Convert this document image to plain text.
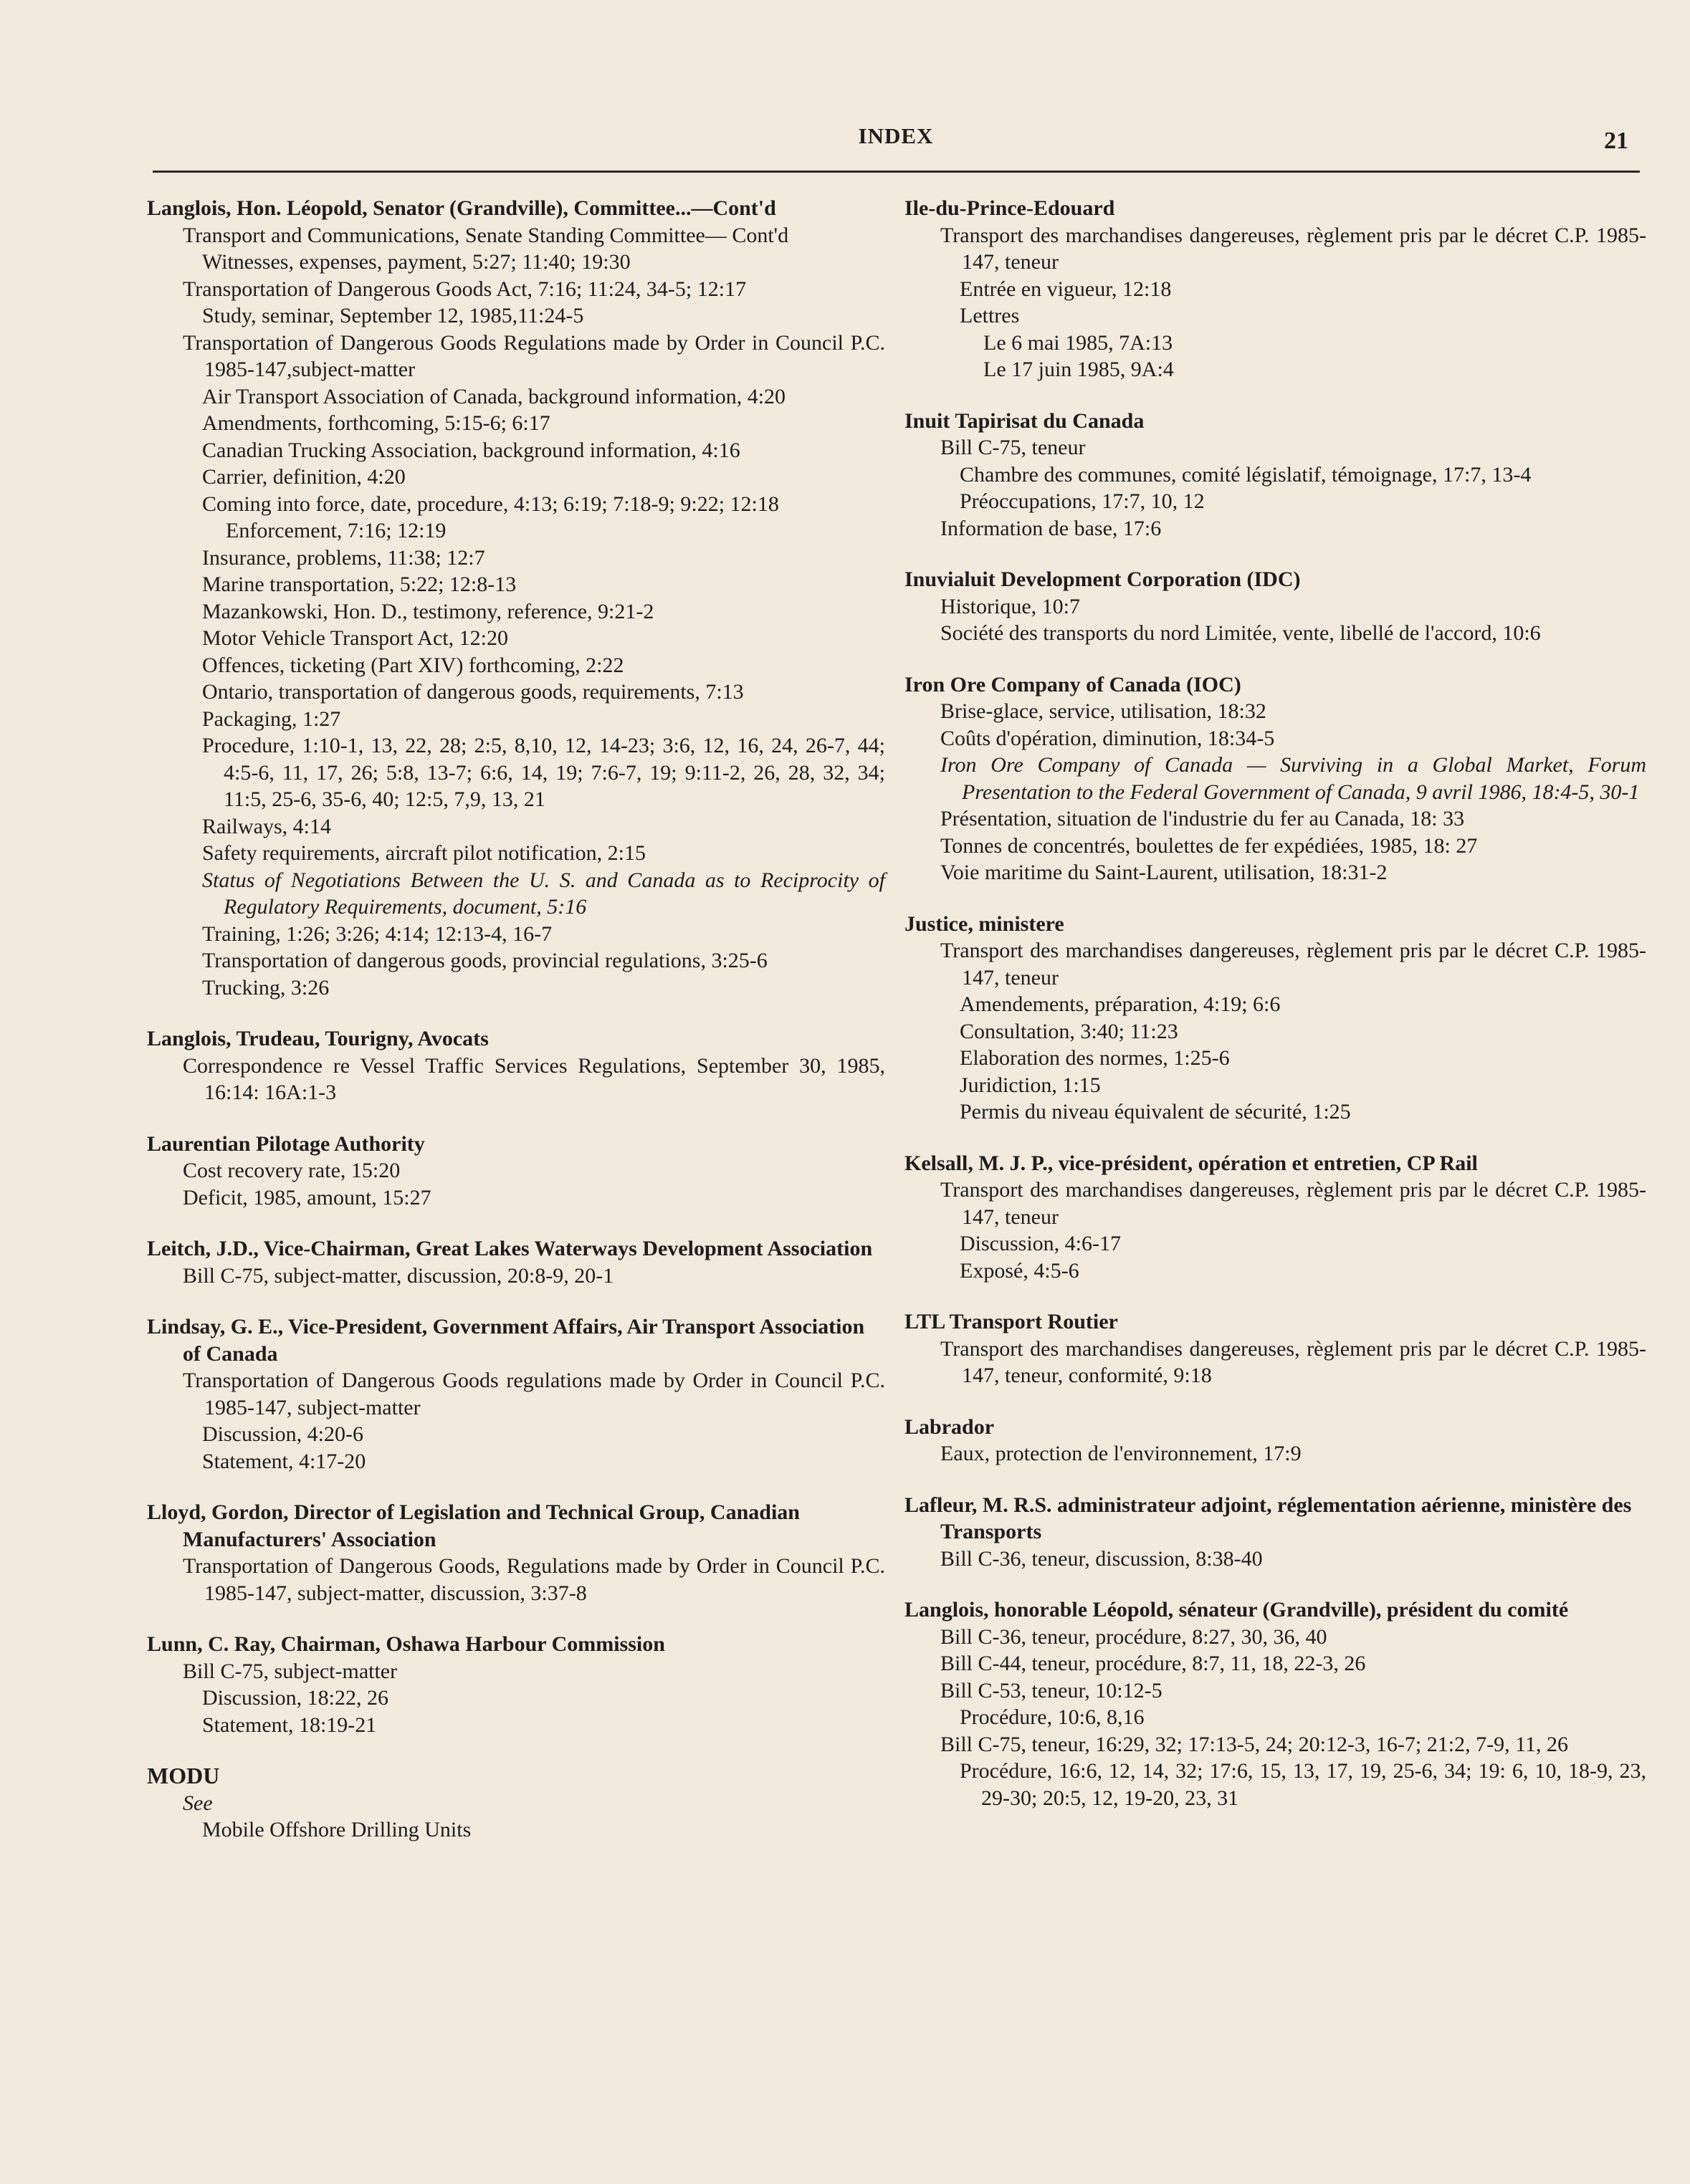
INDEX	21
Langlois, Hon. Léopold, Senator (Grandville), Committee...—Cont'd
Transport and Communications, Senate Standing Committee— Cont'd
Witnesses, expenses, payment, 5:27; 11:40; 19:30
Transportation of Dangerous Goods Act, 7:16; 11:24, 34-5; 12:17
Study, seminar, September 12, 1985,11:24-5
Transportation of Dangerous Goods Regulations made by Order in Council P.C. 1985-147,subject-matter
Air Transport Association of Canada, background information, 4:20
Amendments, forthcoming, 5:15-6; 6:17
Canadian Trucking Association, background information, 4:16
Carrier, definition, 4:20
Coming into force, date, procedure, 4:13; 6:19; 7:18-9; 9:22; 12:18
Enforcement, 7:16; 12:19
Insurance, problems, 11:38; 12:7
Marine transportation, 5:22; 12:8-13
Mazankowski, Hon. D., testimony, reference, 9:21-2
Motor Vehicle Transport Act, 12:20
Offences, ticketing (Part XIV) forthcoming, 2:22
Ontario, transportation of dangerous goods, requirements, 7:13
Packaging, 1:27
Procedure, 1:10-1, 13, 22, 28; 2:5, 8,10, 12, 14-23; 3:6, 12, 16, 24, 26-7, 44; 4:5-6, 11, 17, 26; 5:8, 13-7; 6:6, 14, 19; 7:6-7, 19; 9:11-2, 26, 28, 32, 34; 11:5, 25-6, 35-6, 40; 12:5, 7,9, 13, 21
Railways, 4:14
Safety requirements, aircraft pilot notification, 2:15
Status of Negotiations Between the U. S. and Canada as to Reciprocity of Regulatory Requirements, document, 5:16
Training, 1:26; 3:26; 4:14; 12:13-4, 16-7
Transportation of dangerous goods, provincial regulations, 3:25-6
Trucking, 3:26
Langlois, Trudeau, Tourigny, Avocats
Correspondence re Vessel Traffic Services Regulations, September 30, 1985, 16:14: 16A:1-3
Laurentian Pilotage Authority
Cost recovery rate, 15:20
Deficit, 1985, amount, 15:27
Leitch, J.D., Vice-Chairman, Great Lakes Waterways Development Association
Bill C-75, subject-matter, discussion, 20:8-9, 20-1
Lindsay, G. E., Vice-President, Government Affairs, Air Transport Association of Canada
Transportation of Dangerous Goods regulations made by Order in Council P.C. 1985-147, subject-matter
Discussion, 4:20-6
Statement, 4:17-20
Lloyd, Gordon, Director of Legislation and Technical Group, Canadian Manufacturers' Association
Transportation of Dangerous Goods, Regulations made by Order in Council P.C. 1985-147, subject-matter, discussion, 3:37-8
Lunn, C. Ray, Chairman, Oshawa Harbour Commission
Bill C-75, subject-matter
Discussion, 18:22, 26
Statement, 18:19-21
MODU
See
Mobile Offshore Drilling Units
Ile-du-Prince-Edouard
Transport des marchandises dangereuses, règlement pris par le décret C.P. 1985-147, teneur
Entrée en vigueur, 12:18
Lettres
Le 6 mai 1985, 7A:13
Le 17 juin 1985, 9A:4
Inuit Tapirisat du Canada
Bill C-75, teneur
Chambre des communes, comité législatif, témoignage, 17:7, 13-4
Préoccupations, 17:7, 10, 12
Information de base, 17:6
Inuvialuit Development Corporation (IDC)
Historique, 10:7
Société des transports du nord Limitée, vente, libellé de l'accord, 10:6
Iron Ore Company of Canada (IOC)
Brise-glace, service, utilisation, 18:32
Coûts d'opération, diminution, 18:34-5
Iron Ore Company of Canada — Surviving in a Global Market, Forum Presentation to the Federal Government of Canada, 9 avril 1986, 18:4-5, 30-1
Présentation, situation de l'industrie du fer au Canada, 18: 33
Tonnes de concentrés, boulettes de fer expédiées, 1985, 18: 27
Voie maritime du Saint-Laurent, utilisation, 18:31-2
Justice, ministere
Transport des marchandises dangereuses, règlement pris par le décret C.P. 1985-147, teneur
Amendements, préparation, 4:19; 6:6
Consultation, 3:40; 11:23
Elaboration des normes, 1:25-6
Juridiction, 1:15
Permis du niveau équivalent de sécurité, 1:25
Kelsall, M. J. P., vice-président, opération et entretien, CP Rail
Transport des marchandises dangereuses, règlement pris par le décret C.P. 1985-147, teneur
Discussion, 4:6-17
Exposé, 4:5-6
LTL Transport Routier
Transport des marchandises dangereuses, règlement pris par le décret C.P. 1985-147, teneur, conformité, 9:18
Labrador
Eaux, protection de l'environnement, 17:9
Lafleur, M. R.S. administrateur adjoint, réglementation aérienne, ministère des Transports
Bill C-36, teneur, discussion, 8:38-40
Langlois, honorable Léopold, sénateur (Grandville), président du comité
Bill C-36, teneur, procédure, 8:27, 30, 36, 40
Bill C-44, teneur, procédure, 8:7, 11, 18, 22-3, 26
Bill C-53, teneur, 10:12-5
Procédure, 10:6, 8,16
Bill C-75, teneur, 16:29, 32; 17:13-5, 24; 20:12-3, 16-7; 21:2, 7-9, 11, 26
Procédure, 16:6, 12, 14, 32; 17:6, 15, 13, 17, 19, 25-6, 34; 19: 6, 10, 18-9, 23, 29-30; 20:5, 12, 19-20, 23, 31
